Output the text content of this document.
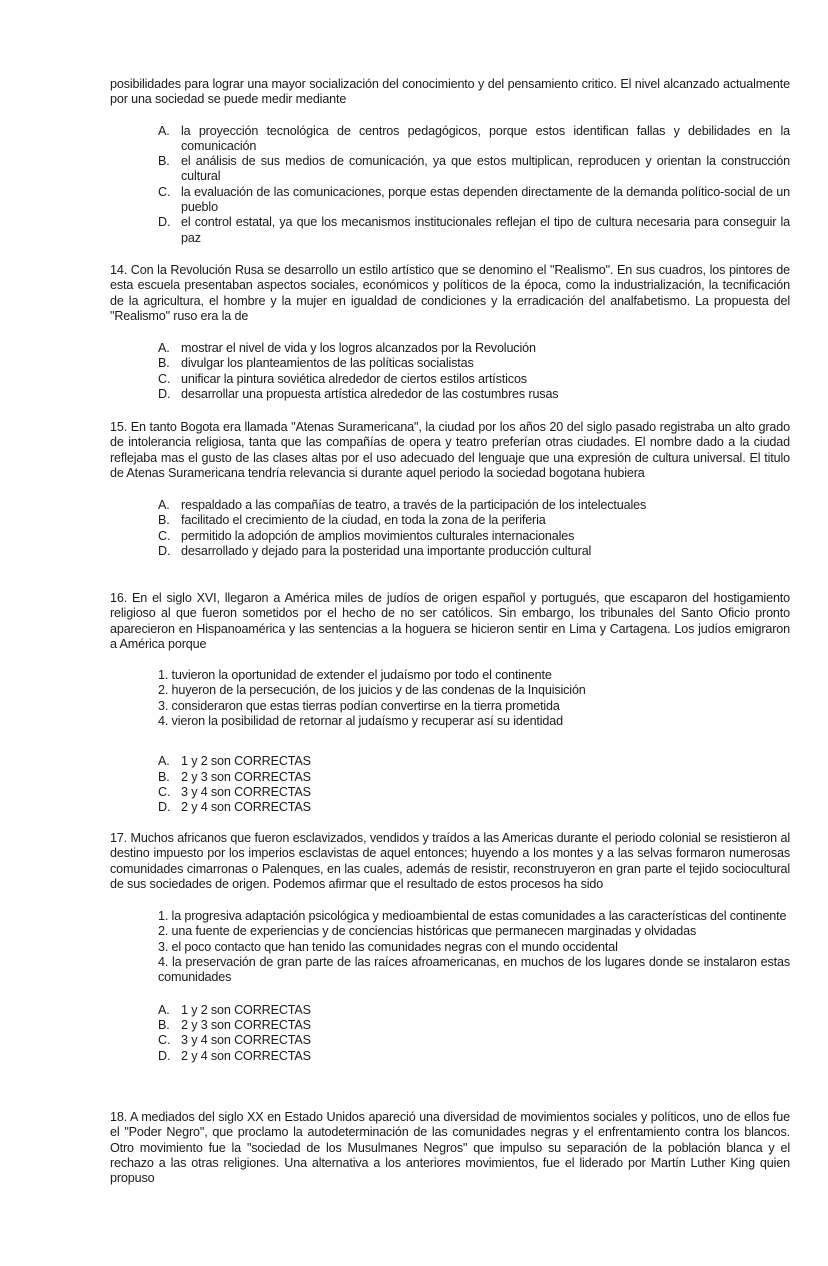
posibilidades para lograr una mayor socialización del conocimiento y del pensamiento critico. El nivel alcanzado actualmente por una sociedad se puede medir mediante

A. la proyección tecnológica de centros pedagógicos, porque estos identifican fallas y debilidades en la comunicación
B. el análisis de sus medios de comunicación, ya que estos multiplican, reproducen y orientan la construcción cultural
C. la evaluación de las comunicaciones, porque estas dependen directamente de la demanda político-social de un pueblo
D. el control estatal, ya que los mecanismos institucionales reflejan el tipo de cultura necesaria para conseguir la paz

14. Con la Revolución Rusa se desarrollo un estilo artístico que se denomino el "Realismo". En sus cuadros, los pintores de esta escuela presentaban aspectos sociales, económicos y políticos de la época, como la industrialización, la tecnificación de la agricultura, el hombre y la mujer en igualdad de condiciones y la erradicación del analfabetismo. La propuesta del "Realismo" ruso era la de

A. mostrar el nivel de vida y los logros alcanzados por la Revolución
B. divulgar los planteamientos de las políticas socialistas
C. unificar la pintura soviética alrededor de ciertos estilos artísticos
D. desarrollar una propuesta artística alrededor de las costumbres rusas

15. En tanto Bogota era llamada "Atenas Suramericana", la ciudad por los años 20 del siglo pasado registraba un alto grado de intolerancia religiosa, tanta que las compañías de opera y teatro preferían otras ciudades. El nombre dado a la ciudad reflejaba mas el gusto de las clases altas por el uso adecuado del lenguaje que una expresión de cultura universal. El titulo de Atenas Suramericana tendría relevancia si durante aquel periodo la sociedad bogotana hubiera

A. respaldado a las compañías de teatro, a través de la participación de los intelectuales
B. facilitado el crecimiento de la ciudad, en toda la zona de la periferia
C. permitido la adopción de amplios movimientos culturales internacionales
D. desarrollado y dejado para la posteridad una importante producción cultural

16. En el siglo XVI, llegaron a América miles de judíos de origen español y portugués, que escaparon del hostigamiento religioso al que fueron sometidos por el hecho de no ser católicos. Sin embargo, los tribunales del Santo Oficio pronto aparecieron en Hispanoamérica y las sentencias a la hoguera se hicieron sentir en Lima y Cartagena. Los judíos emigraron a América porque

1. tuvieron la oportunidad de extender el judaísmo por todo el continente
2. huyeron de la persecución, de los juicios y de las condenas de la Inquisición
3. consideraron que estas tierras podían convertirse en la tierra prometida
4. vieron la posibilidad de retornar al judaísmo y recuperar así su identidad
A. 1 y 2 son CORRECTAS
B. 2 y 3 son CORRECTAS
C. 3 y 4 son CORRECTAS
D. 2 y 4 son CORRECTAS

17. Muchos africanos que fueron esclavizados, vendidos y traídos a las Americas durante el periodo colonial se resistieron al destino impuesto por los imperios esclavistas de aquel entonces; huyendo a los montes y a las selvas formaron numerosas comunidades cimarronas o Palenques, en las cuales, además de resistir, reconstruyeron en gran parte el tejido sociocultural de sus sociedades de origen. Podemos afirmar que el resultado de estos procesos ha sido

1. la progresiva adaptación psicológica y medioambiental de estas comunidades a las características del continente
2. una fuente de experiencias y de conciencias históricas que permanecen marginadas y olvidadas
3. el poco contacto que han tenido las comunidades negras con el mundo occidental
4. la preservación de gran parte de las raíces afroamericanas, en muchos de los lugares donde se instalaron estas comunidades
A. 1 y 2 son CORRECTAS
B. 2 y 3 son CORRECTAS
C. 3 y 4 son CORRECTAS
D. 2 y 4 son CORRECTAS

18. A mediados del siglo XX en Estado Unidos apareció una diversidad de movimientos sociales y políticos, uno de ellos fue el "Poder Negro", que proclamo la autodeterminación de las comunidades negras y el enfrentamiento contra los blancos. Otro movimiento fue la "sociedad de los Musulmanes Negros" que impulso su separación de la población blanca y el rechazo a las otras religiones. Una alternativa a los anteriores movimientos, fue el liderado por Martín Luther King quien propuso
